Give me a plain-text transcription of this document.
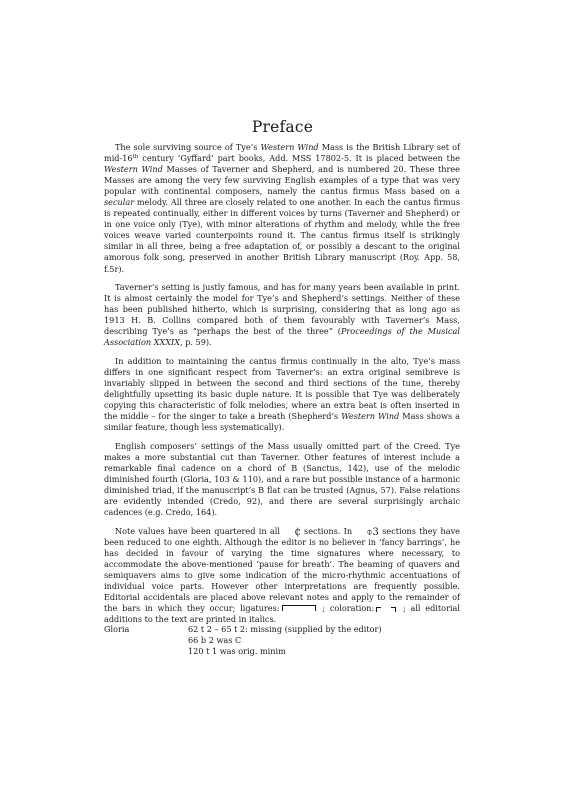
Preface

The sole surviving source of Tye’s Western Wind Mass is the British Library set of mid-16th century ‘Gyffard’ part books, Add. MSS 17802-5. It is placed between the Western Wind Masses of Taverner and Shepherd, and is numbered 20. These three Masses are among the very few surviving English examples of a type that was very popular with continental composers, namely the cantus firmus Mass based on a secular melody. All three are closely related to one another. In each the cantus firmus is repeated continually, either in different voices by turns (Taverner and Shepherd) or in one voice only (Tye), with minor alterations of rhythm and melody, while the free voices weave varied counterpoints round it. The cantus firmus itself is strikingly similar in all three, being a free adaptation of, or possibly a descant to the original amorous folk song, preserved in another British Library manuscript (Roy. App. 58, f.5r).

Taverner’s setting is justly famous, and has for many years been available in print. It is almost certainly the model for Tye’s and Shepherd’s settings. Neither of these has been published hitherto, which is surprising, considering that as long ago as 1913 H. B. Collins compared both of them favourably with Taverner’s Mass, describing Tye’s as “perhaps the best of the three” (Proceedings of the Musical Association XXXIX, p. 59).

In addition to maintaining the cantus firmus continually in the alto, Tye’s mass differs in one significant respect from Taverner’s: an extra original semibreve is invariably slipped in between the second and third sections of the tune, thereby delightfully upsetting its basic duple nature. It is possible that Tye was deliberately copying this characteristic of folk melodies, where an extra beat is often inserted in the middle – for the singer to take a breath (Shepherd’s Western Wind Mass shows a similar feature, though less systematically).

English composers’ settings of the Mass usually omitted part of the Creed. Tye makes a more substantial cut than Taverner. Other features of interest include a remarkable final cadence on a chord of B (Sanctus, 142), use of the melodic diminished fourth (Gloria, 103 & 110), and a rare but possible instance of a harmonic diminished triad, if the manuscript’s B flat can be trusted (Agnus, 57). False relations are evidently intended (Credo, 92), and there are several surprisingly archaic cadences (e.g. Credo, 164).

Note values have been quartered in all ₵ sections. In ⌽3 sections they have been reduced to one eighth. Although the editor is no believer in ‘fancy barrings’, he has decided in favour of varying the time signatures where necessary, to accommodate the above-mentioned ‘pause for breath’. The beaming of quavers and semiquavers aims to give some indication of the micro-rhythmic accentuations of individual voice parts. However other interpretations are frequently possible. Editorial accidentals are placed above relevant notes and apply to the remainder of the bars in which they occur; ligatures:	; coloration:	; all editorial additions to the text are printed in italics.

Gloria	62 t 2 – 65 t 2: missing (supplied by the editor)
66 b 2 was C
120 t 1 was orig. minim
